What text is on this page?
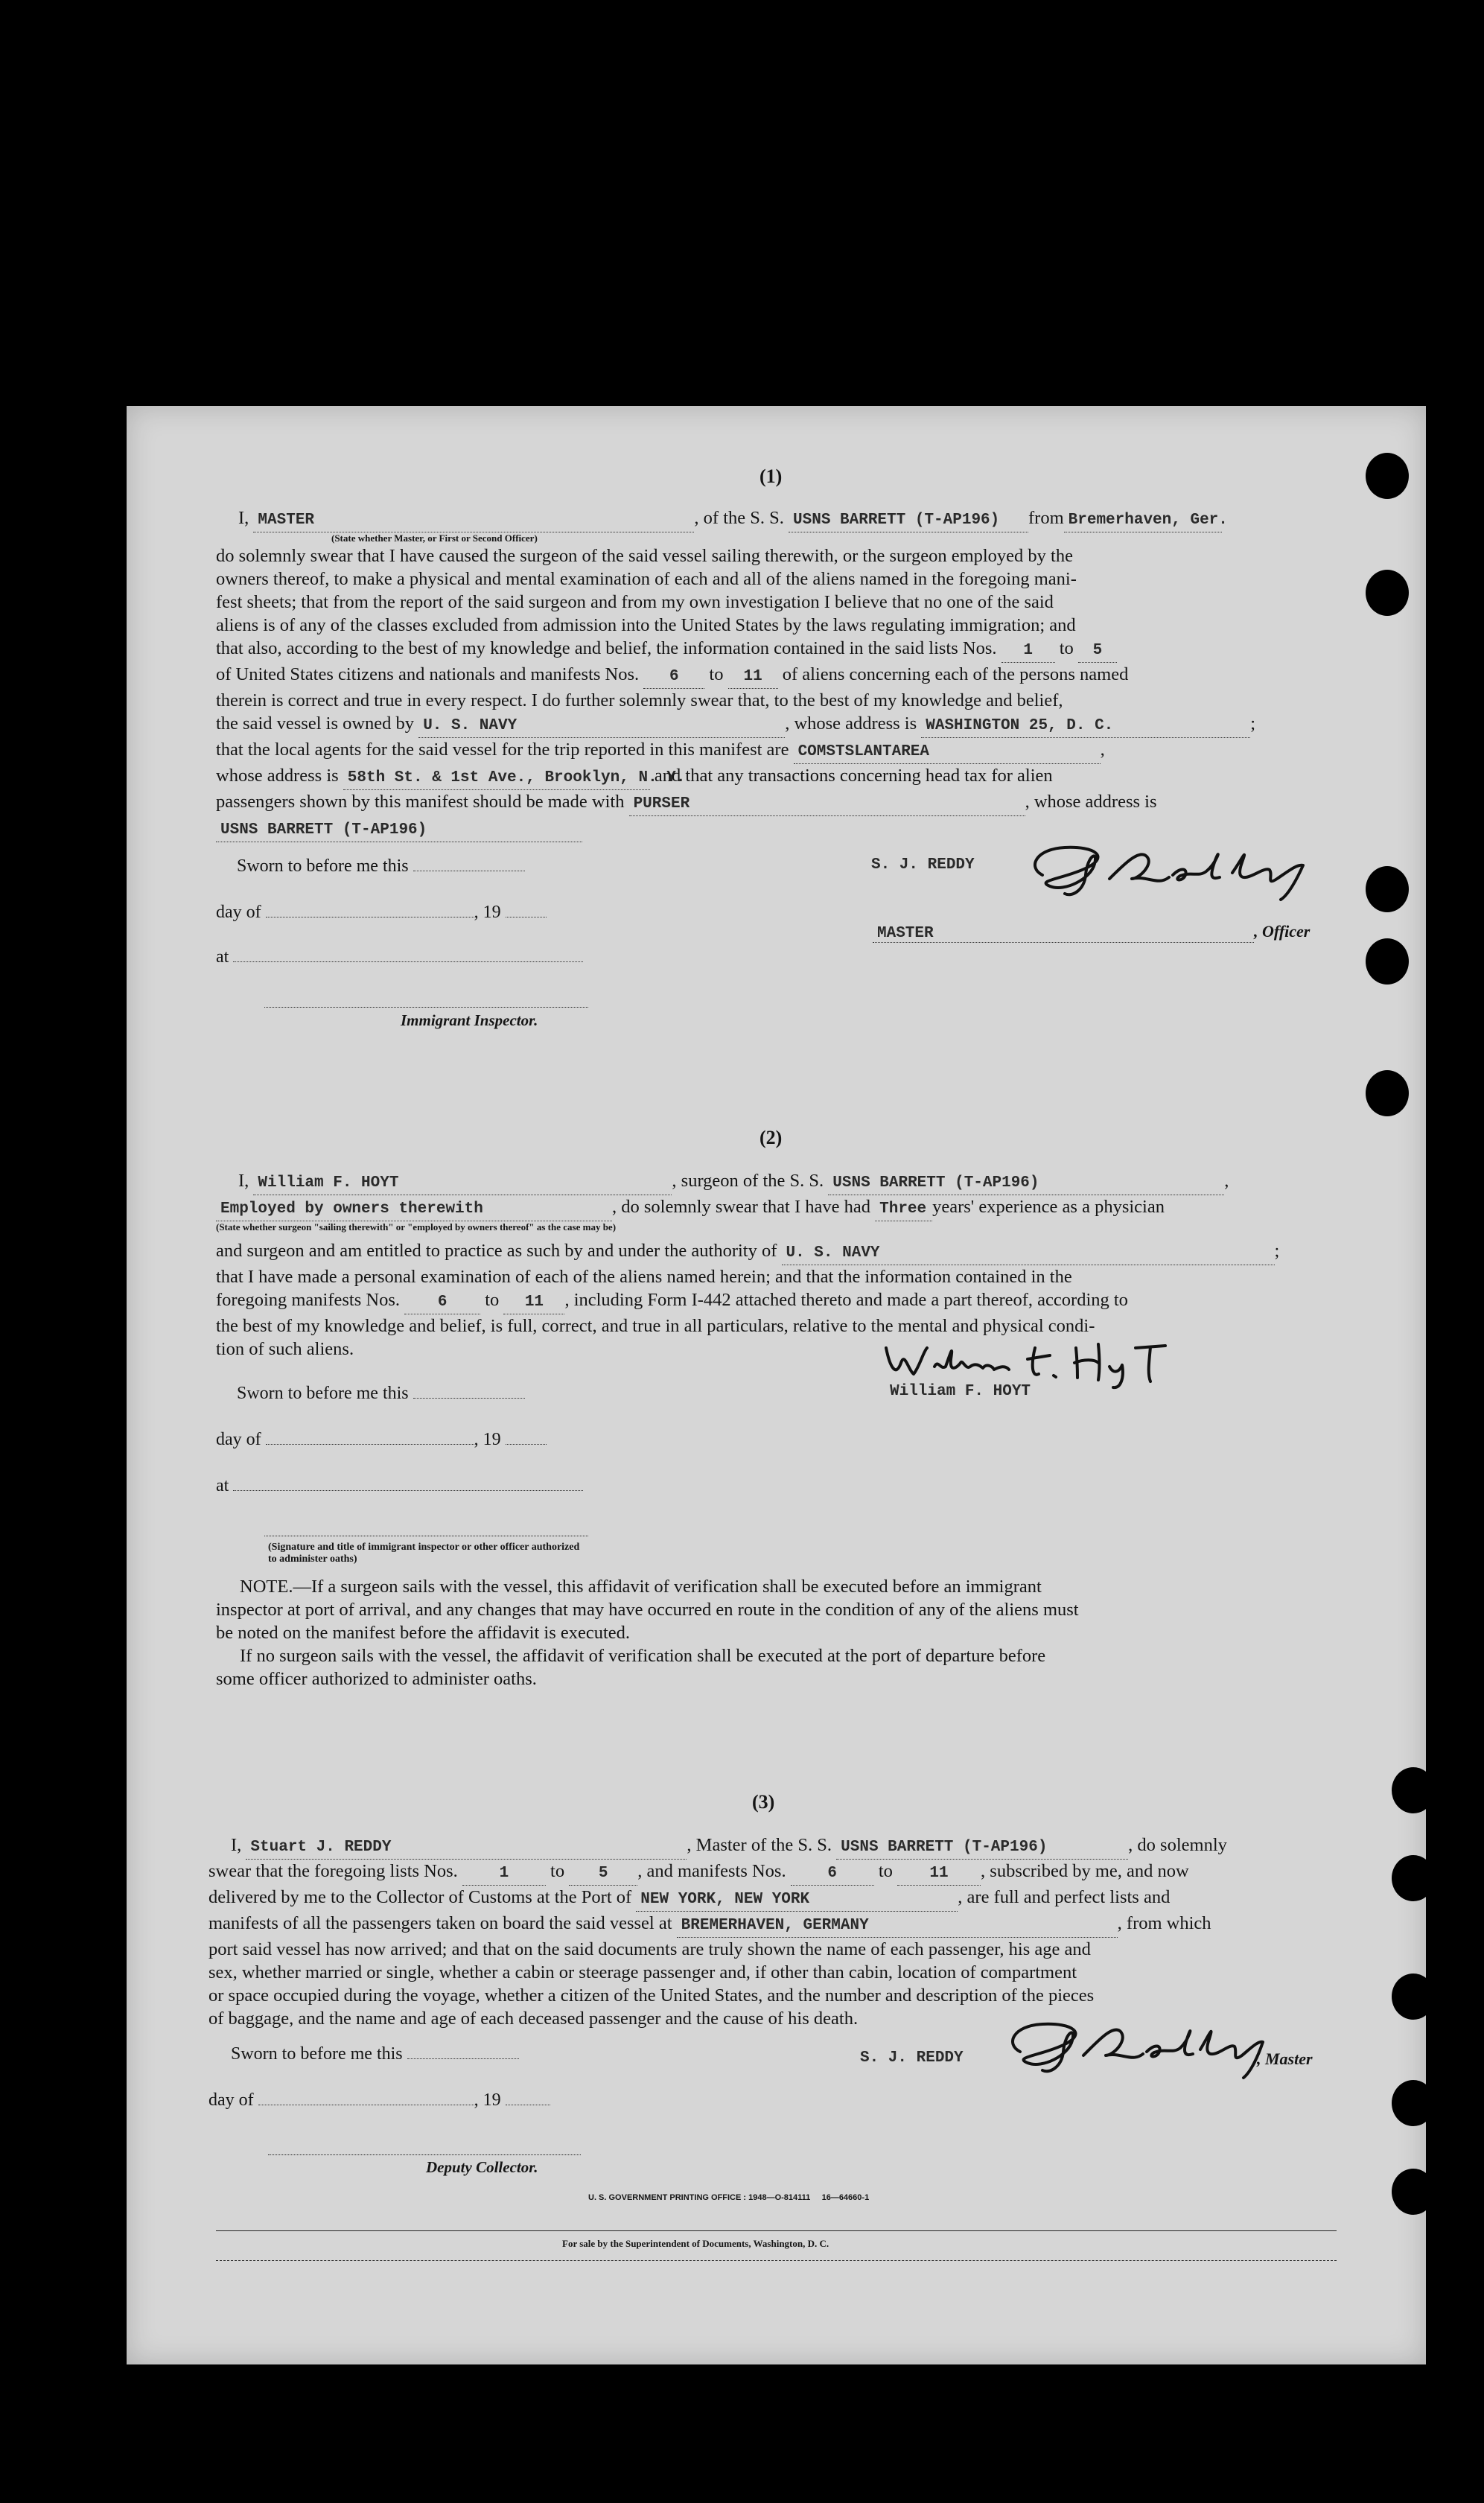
(1)
I, MASTER	, of the S. S. USNS BARRETT (T-AP196) from Bremerhaven, Ger.
(State whether Master, or First or Second Officer)
do solemnly swear that I have caused the surgeon of the said vessel sailing therewith, or the surgeon employed by the
owners thereof, to make a physical and mental examination of each and all of the aliens named in the foregoing mani-
fest sheets; that from the report of the said surgeon and from my own investigation I believe that no one of the said
aliens is of any of the classes excluded from admission into the United States by the laws regulating immigration; and
that also, according to the best of my knowledge and belief, the information contained in the said lists Nos. 1 to 5
of United States citizens and nationals and manifests Nos. 6 to 11 of aliens concerning each of the persons named
therein is correct and true in every respect. I do further solemnly swear that, to the best of my knowledge and belief,
the said vessel is owned by U. S. NAVY	, whose address is WASHINGTON 25, D. C.	;
that the local agents for the said vessel for the trip reported in this manifest are COMSTSLANTAREA	,
whose address is 58th St. & 1st Ave., Brooklyn, N. Y. and that any transactions concerning head tax for alien
passengers shown by this manifest should be made with PURSER	, whose address is
USNS BARRETT (T-AP196)
Sworn to before me this
day of	, 19
at
Immigrant Inspector.
S. J. REDDY
MASTER	, Officer
(2)
I, William F. HOYT	, surgeon of the S. S. USNS BARRETT (T-AP196)	,
Employed by owners therewith	, do solemnly swear that I have had Three years' experience as a physician
(State whether surgeon "sailing therewith" or "employed by owners thereof" as the case may be)
and surgeon and am entitled to practice as such by and under the authority of U. S. NAVY	;
that I have made a personal examination of each of the aliens named herein; and that the information contained in the
foregoing manifests Nos. 6 to 11 , including Form I-442 attached thereto and made a part thereof, according to
the best of my knowledge and belief, is full, correct, and true in all particulars, relative to the mental and physical condi-
tion of such aliens.
Sworn to before me this
day of	, 19
at
(Signature and title of immigrant inspector or other officer authorized to administer oaths)
William F. HOYT
NOTE.—If a surgeon sails with the vessel, this affidavit of verification shall be executed before an immigrant
inspector at port of arrival, and any changes that may have occurred en route in the condition of any of the aliens must
be noted on the manifest before the affidavit is executed.
If no surgeon sails with the vessel, the affidavit of verification shall be executed at the port of departure before
some officer authorized to administer oaths.
(3)
I, Stuart J. REDDY	, Master of the S. S. USNS BARRETT (T-AP196)	, do solemnly
swear that the foregoing lists Nos.	1 to 5 , and manifests Nos.	6 to 11 , subscribed by me, and now
delivered by me to the Collector of Customs at the Port of NEW YORK, NEW YORK	, are full and perfect lists and
manifests of all the passengers taken on board the said vessel at BREMERHAVEN, GERMANY	, from which
port said vessel has now arrived; and that on the said documents are truly shown the name of each passenger, his age and
sex, whether married or single, whether a cabin or steerage passenger and, if other than cabin, location of compartment
or space occupied during the voyage, whether a citizen of the United States, and the number and description of the pieces
of baggage, and the name and age of each deceased passenger and the cause of his death.
Sworn to before me this
day of	, 19
Deputy Collector.
S. J. REDDY	, Master
U. S. GOVERNMENT PRINTING OFFICE : 1948—O-814111     16—64660-1
For sale by the Superintendent of Documents, Washington, D. C.
